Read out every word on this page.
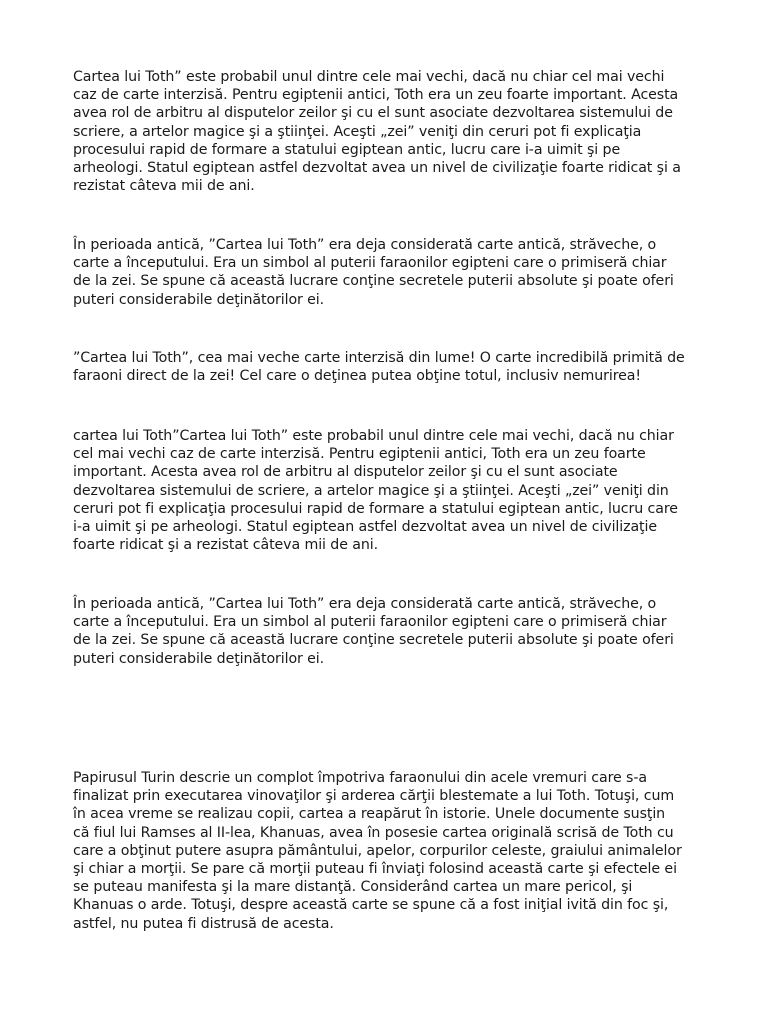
Cartea lui Toth” este probabil unul dintre cele mai vechi, dacă nu chiar cel mai vechi
caz de carte interzisă. Pentru egiptenii antici, Toth era un zeu foarte important. Acesta
avea rol de arbitru al disputelor zeilor şi cu el sunt asociate dezvoltarea sistemului de
scriere, a artelor magice şi a ştiinţei. Aceşti „zei” veniţi din ceruri pot fi explicaţia
procesului rapid de formare a statului egiptean antic, lucru care i-a uimit şi pe
arheologi. Statul egiptean astfel dezvoltat avea un nivel de civilizaţie foarte ridicat şi a
rezistat câteva mii de ani.

În perioada antică, ”Cartea lui Toth” era deja considerată carte antică, străveche, o
carte a începutului. Era un simbol al puterii faraonilor egipteni care o primiseră chiar
de la zei. Se spune că această lucrare conţine secretele puterii absolute şi poate oferi
puteri considerabile deţinătorilor ei.

”Cartea lui Toth”, cea mai veche carte interzisă din lume! O carte incredibilă primită de
faraoni direct de la zei! Cel care o deţinea putea obţine totul, inclusiv nemurirea!

cartea lui Toth”Cartea lui Toth” este probabil unul dintre cele mai vechi, dacă nu chiar
cel mai vechi caz de carte interzisă. Pentru egiptenii antici, Toth era un zeu foarte
important. Acesta avea rol de arbitru al disputelor zeilor şi cu el sunt asociate
dezvoltarea sistemului de scriere, a artelor magice şi a ştiinţei. Aceşti „zei” veniţi din
ceruri pot fi explicaţia procesului rapid de formare a statului egiptean antic, lucru care
i-a uimit şi pe arheologi. Statul egiptean astfel dezvoltat avea un nivel de civilizaţie
foarte ridicat şi a rezistat câteva mii de ani.

În perioada antică, ”Cartea lui Toth” era deja considerată carte antică, străveche, o
carte a începutului. Era un simbol al puterii faraonilor egipteni care o primiseră chiar
de la zei. Se spune că această lucrare conţine secretele puterii absolute şi poate oferi
puteri considerabile deţinătorilor ei.

Papirusul Turin descrie un complot împotriva faraonului din acele vremuri care s-a
finalizat prin executarea vinovaţilor şi arderea cărţii blestemate a lui Toth. Totuşi, cum
în acea vreme se realizau copii, cartea a reapărut în istorie. Unele documente susţin
că fiul lui Ramses al II-lea, Khanuas, avea în posesie cartea originală scrisă de Toth cu
care a obţinut putere asupra pământului, apelor, corpurilor celeste, graiului animalelor
şi chiar a morţii. Se pare că morţii puteau fi înviaţi folosind această carte şi efectele ei
se puteau manifesta şi la mare distanţă. Considerând cartea un mare pericol, şi
Khanuas o arde. Totuşi, despre această carte se spune că a fost iniţial ivită din foc şi,
astfel, nu putea fi distrusă de acesta.
